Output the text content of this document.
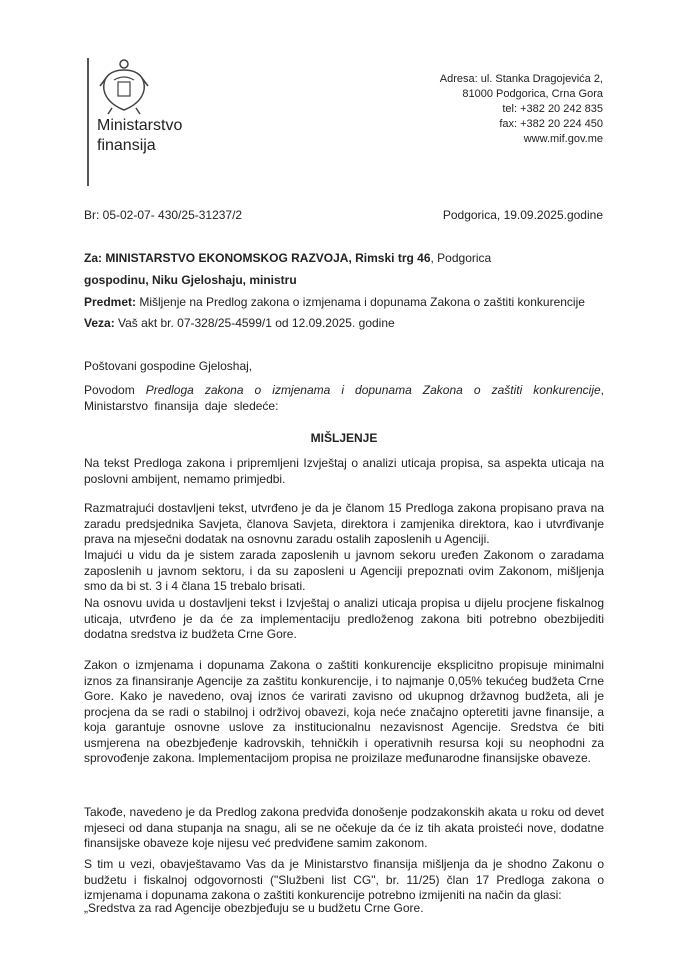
Ministarstvo
finansija
Adresa: ul. Stanka Dragojevića 2,
81000 Podgorica, Crna Gora
tel: +382 20 242 835
fax: +382 20 224 450
www.mif.gov.me
Br: 05-02-07- 430/25-31237/2	Podgorica, 19.09.2025.godine
Za: MINISTARSTVO EKONOMSKOG RAZVOJA, Rimski trg 46, Podgorica
gospodinu, Niku Gjeloshaju, ministru
Predmet: Mišljenje na Predlog zakona o izmjenama i dopunama Zakona o zaštiti konkurencije
Veza: Vaš akt br. 07-328/25-4599/1 od 12.09.2025. godine
Poštovani gospodine Gjeloshaj,
Povodom Predloga zakona o izmjenama i dopunama Zakona o zaštiti konkurencije, Ministarstvo finansija daje sledeće:
MIŠLJENJE

Na tekst Predloga zakona i pripremljeni Izvještaj o analizi uticaja propisa, sa aspekta uticaja na poslovni ambijent, nemamo primjedbi.

Razmatrajući dostavljeni tekst, utvrđeno je da je članom 15 Predloga zakona propisano prava na zaradu predsjednika Savjeta, članova Savjeta, direktora i zamjenika direktora, kao i utvrđivanje prava na mjesečni dodatak na osnovnu zaradu ostalih zaposlenih u Agenciji.

Imajući u vidu da je sistem zarada zaposlenih u javnom sekoru uređen Zakonom o zaradama zaposlenih u javnom sektoru, i da su zaposleni u Agenciji prepoznati ovim Zakonom, mišljenja smo da bi st. 3 i 4 člana 15 trebalo brisati.

Na osnovu uvida u dostavljeni tekst i Izvještaj o analizi uticaja propisa u dijelu procjene fiskalnog uticaja, utvrđeno je da će za implementaciju predloženog zakona biti potrebno obezbijediti dodatna sredstva iz budžeta Crne Gore.

Zakon o izmjenama i dopunama Zakona o zaštiti konkurencije eksplicitno propisuje minimalni iznos za finansiranje Agencije za zaštitu konkurencije, i to najmanje 0,05% tekućeg budžeta Crne Gore. Kako je navedeno, ovaj iznos će varirati zavisno od ukupnog državnog budžeta, ali je procjena da se radi o stabilnoj i održivoj obavezi, koja neće značajno opteretiti javne finansije, a koja garantuje osnovne uslove za institucionalnu nezavisnost Agencije. Sredstva će biti usmjerena na obezbjeđenje kadrovskih, tehničkih i operativnih resursa koji su neophodni za sprovođenje zakona. Implementacijom propisa ne proizilaze međunarodne finansijske obaveze.

Takođe, navedeno je da Predlog zakona predviđa donošenje podzakonskih akata u roku od devet mjeseci od dana stupanja na snagu, ali se ne očekuje da će iz tih akata proisteći nove, dodatne finansijske obaveze koje nijesu već predviđene samim zakonom.

S tim u vezi, obavještavamo Vas da je Ministarstvo finansija mišljenja da je shodno Zakonu o budžetu i fiskalnoj odgovornosti ("Službeni list CG", br. 11/25) član 17 Predloga zakona o izmjenama i dopunama zakona o zaštiti konkurencije potrebno izmijeniti na način da glasi:

„Sredstva za rad Agencije obezbjeđuju se u budžetu Crne Gore.
